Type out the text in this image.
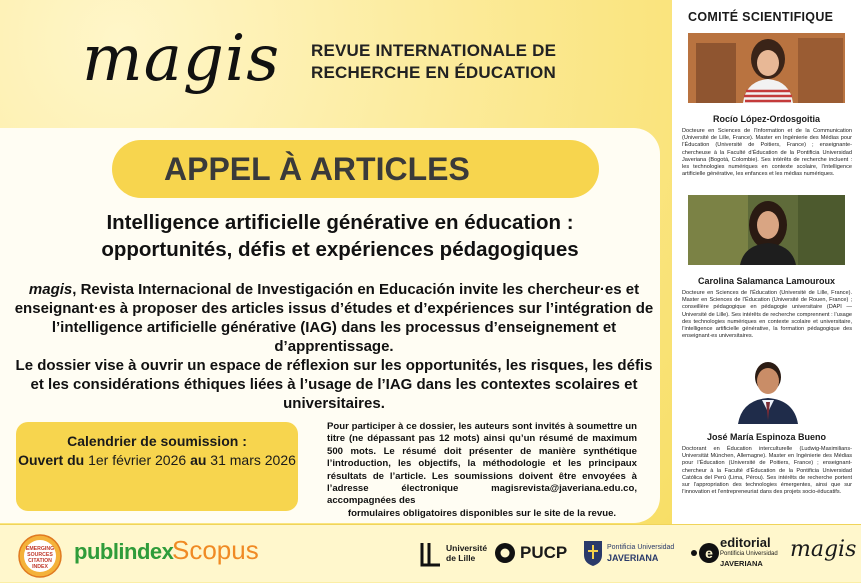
magis REVUE INTERNATIONALE DE
RECHERCHE EN ÉDUCATION
APPEL À ARTICLES
Intelligence artificielle générative en éducation :
opportunités, défis et expériences pédagogiques
magis, Revista Internacional de Investigación en Educación invite les chercheur·es et enseignant·es à proposer des articles issus d’études et d’expériences sur l’intégration de l’intelligence artificielle générative (IAG) dans les processus d’enseignement et d’apprentissage.
Le dossier vise à ouvrir un espace de réflexion sur les opportunités, les risques, les défis et les considérations éthiques liées à l’usage de l’IAG dans les contextes scolaires et universitaires.
Calendrier de soumission :
Ouvert du 1er février 2026 au 31 mars 2026
Pour participer à ce dossier, les auteurs sont invités à soumettre un titre (ne dépassant pas 12 mots) ainsi qu’un résumé de maximum 500 mots. Le résumé doit présenter de manière synthétique l’introduction, les objectifs, la méthodologie et les principaux résultats de l’article. Les soumissions doivent être envoyées à l’adresse électronique magisrevista@javeriana.edu.co, accompagnées des
formulaires obligatoires disponibles sur le site de la revue.
COMITÉ SCIENTIFIQUE
Rocío López-Ordosgoitia
Docteure en Sciences de l’Information et de la Communication (Université de Lille, France). Master en Ingénierie des Médias pour l’Éducation (Université de Poitiers, France) ; enseignante-chercheuse à la Faculté d’Éducation de la Pontificia Universidad Javeriana (Bogotá, Colombie). Ses intérêts de recherche incluent : les technologies numériques en contexte scolaire, l’intelligence artificielle générative, les enfances et les médias numériques.
Carolina Salamanca Lamouroux
Docteure en Sciences de l’Éducation (Université de Lille, France). Master en Sciences de l’Éducation (Université de Rouen, France) ; conseillère pédagogique en pédagogie universitaire (DAPI — Université de Lille). Ses intérêts de recherche comprennent : l’usage des technologies numériques en contexte scolaire et universitaire, l’intelligence artificielle générative, la formation pédagogique des enseignant·es universitaires.
José María Espinoza Bueno
Doctorant en Éducation interculturelle (Ludwig-Maximilians-Universität München, Allemagne). Master en Ingénierie des Médias pour l’Éducation (Université de Poitiers, France) ; enseignant-chercheur à la Faculté d’Éducation de la Pontificia Universidad Católica del Perú (Lima, Pérou). Ses intérêts de recherche portent sur l’appropriation des technologies émergentes, ainsi que sur l’innovation et l’entrepreneuriat dans des projets socio-éducatifs.
EMERGING
SOURCES
CITATION
INDEX
publindex
Scopus	Université
de Lille	PUCP	Pontificia Universidad
JAVERIANA	e
editorial
Pontificia Universidad
JAVERIANA
magis
